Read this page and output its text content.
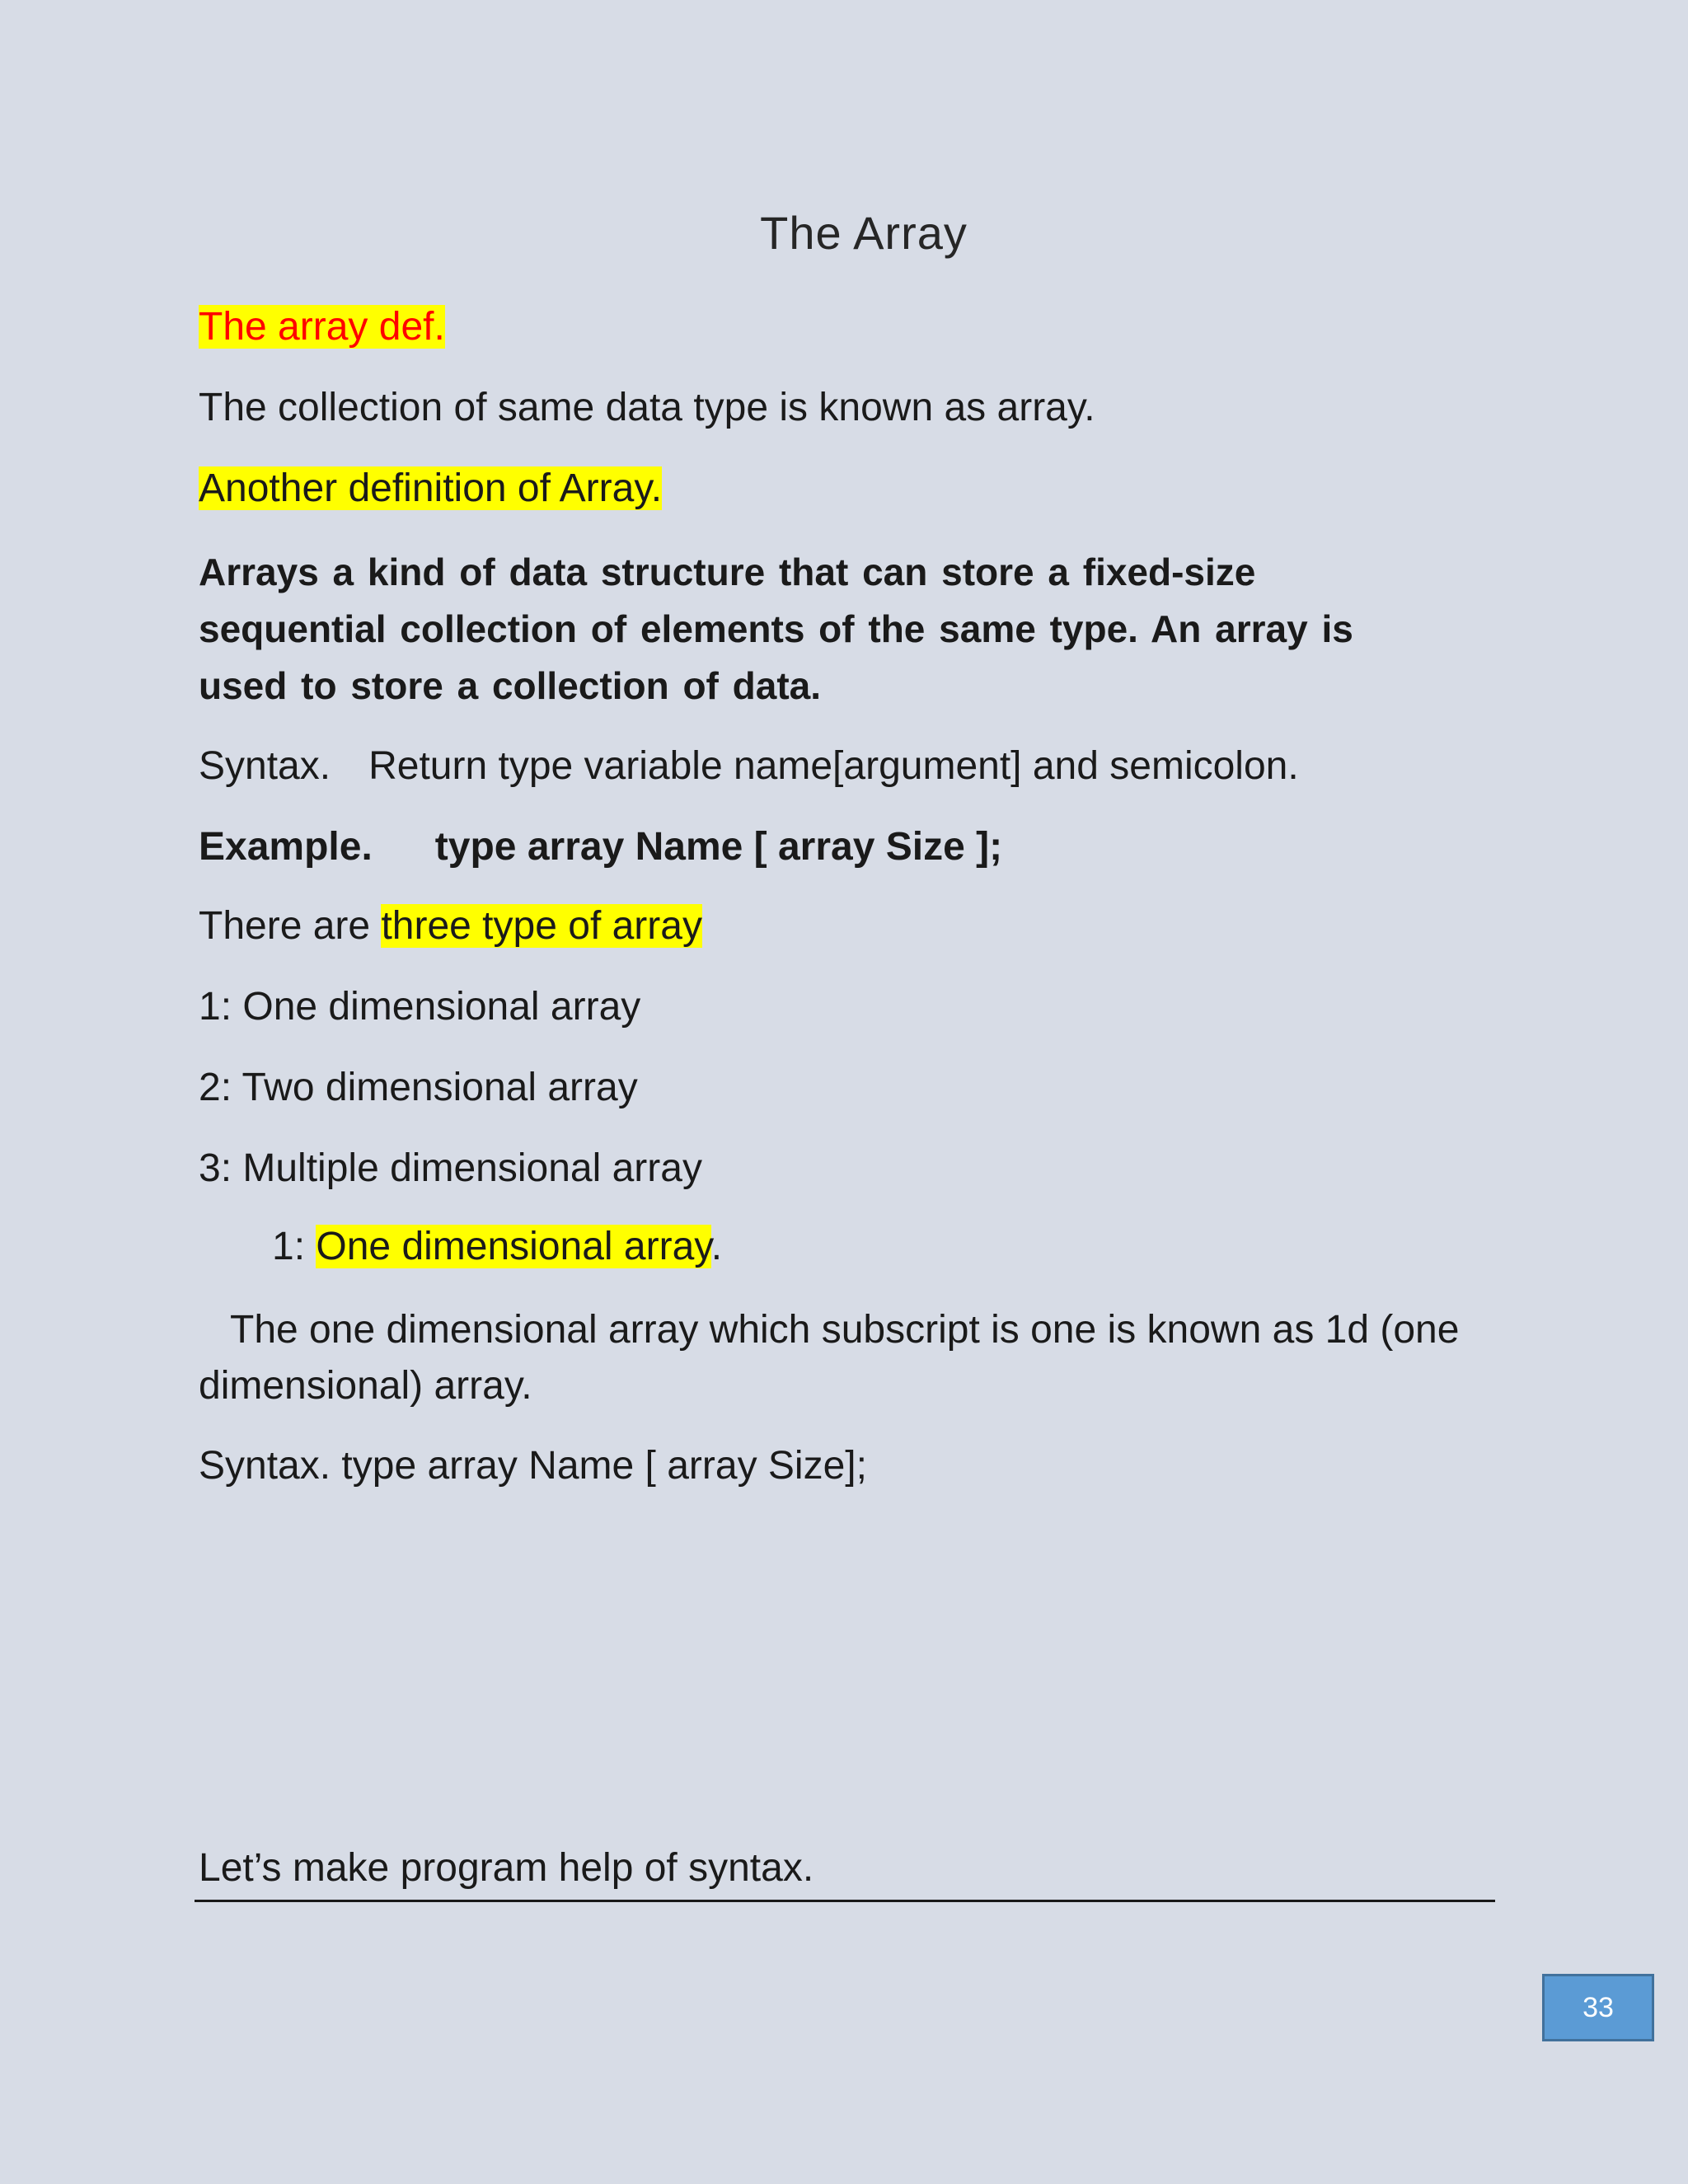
The Array
The array def.
The collection of same data type is known as array.
Another definition of Array.
Arrays a kind of data structure that can store a fixed-size sequential collection of elements of the same type. An array is used to store a collection of data.
Syntax. Return type variable name[argument] and semicolon.
Example. type array Name [ array Size ];
There are three type of array
1: One dimensional array
2: Two dimensional array
3: Multiple dimensional array
1: One dimensional array.
The one dimensional array which subscript is one is known as 1d (one dimensional) array.
Syntax. type array Name [ array Size];
Let’s make program help of syntax.
33
